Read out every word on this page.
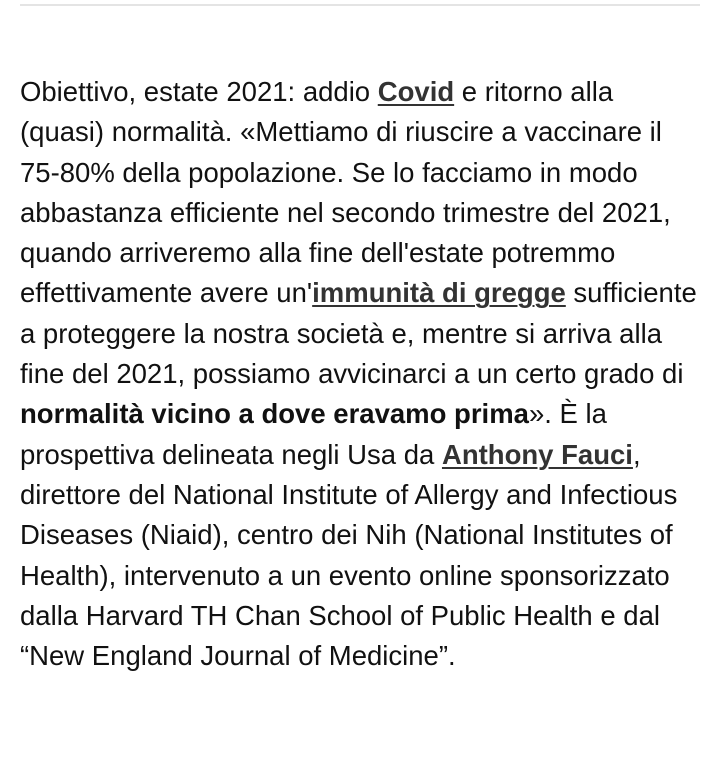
Obiettivo, estate 2021: addio Covid e ritorno alla (quasi) normalità. «Mettiamo di riuscire a vaccinare il 75-80% della popolazione. Se lo facciamo in modo abbastanza efficiente nel secondo trimestre del 2021, quando arriveremo alla fine dell'estate potremmo effettivamente avere un'immunità di gregge sufficiente a proteggere la nostra società e, mentre si arriva alla fine del 2021, possiamo avvicinarci a un certo grado di normalità vicino a dove eravamo prima». È la prospettiva delineata negli Usa da Anthony Fauci, direttore del National Institute of Allergy and Infectious Diseases (Niaid), centro dei Nih (National Institutes of Health), intervenuto a un evento online sponsorizzato dalla Harvard TH Chan School of Public Health e dal “New England Journal of Medicine”.
